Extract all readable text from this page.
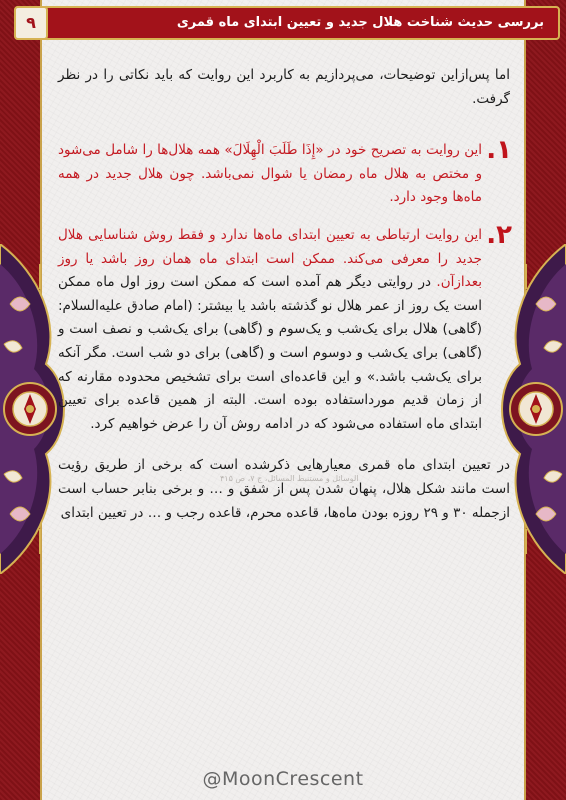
بررسی حدیث شناخت هلال جدید و تعیین ابتدای ماه قمری
۹

اما پس‌ازاین توضیحات، می‌پردازیم به کاربرد این روایت که باید نکاتی را در نظر گرفت.

۱.
این روایت به تصریح خود در «إِذَا طَلَبَ الْهِلَالَ» همه هلال‌ها را شامل می‌شود و مختص به هلال ماه رمضان یا شوال نمی‌باشد. چون هلال جدید در همه ماه‌ها وجود دارد.

۲.
این روایت ارتباطی به تعیین ابتدای ماه‌ها ندارد و فقط روش شناسایی هلال جدید را معرفی می‌کند. ممکن است ابتدای ماه همان روز باشد یا روز بعدازآن. در روایتی دیگر هم آمده است که ممکن است روز اول ماه ممکن است یک روز از عمر هلال نو گذشته باشد یا بیشتر: (امام صادق علیه‌السلام: (گاهی) هلال برای یک‌شب و یک‌سوم و (گاهی) برای یک‌شب و نصف است و (گاهی) برای یک‌شب و دوسوم است و (گاهی) برای دو شب است. مگر آنکه برای یک‌شب باشد.» و این قاعده‌ای است برای تشخیص محدوده مقارنه که از زمان قدیم مورداستفاده بوده است. البته از همین قاعده برای تعیین ابتدای ماه استفاده می‌شود که در ادامه روش آن را عرض خواهیم کرد.

در تعیین ابتدای ماه قمری معیارهایی ذکرشده است که برخی از طریق رؤیت است مانند شکل هلال، پنهان شدن پس از شفق و … و برخی بنابر حساب است ازجمله ۳۰ و ۲۹ روزه بودن ماه‌ها، قاعده محرم، قاعده رجب و … در تعیین ابتدای

الوسائل و مستنبط المسائل، ج ۷، ص ۴۱۵
@MoonCrescent
